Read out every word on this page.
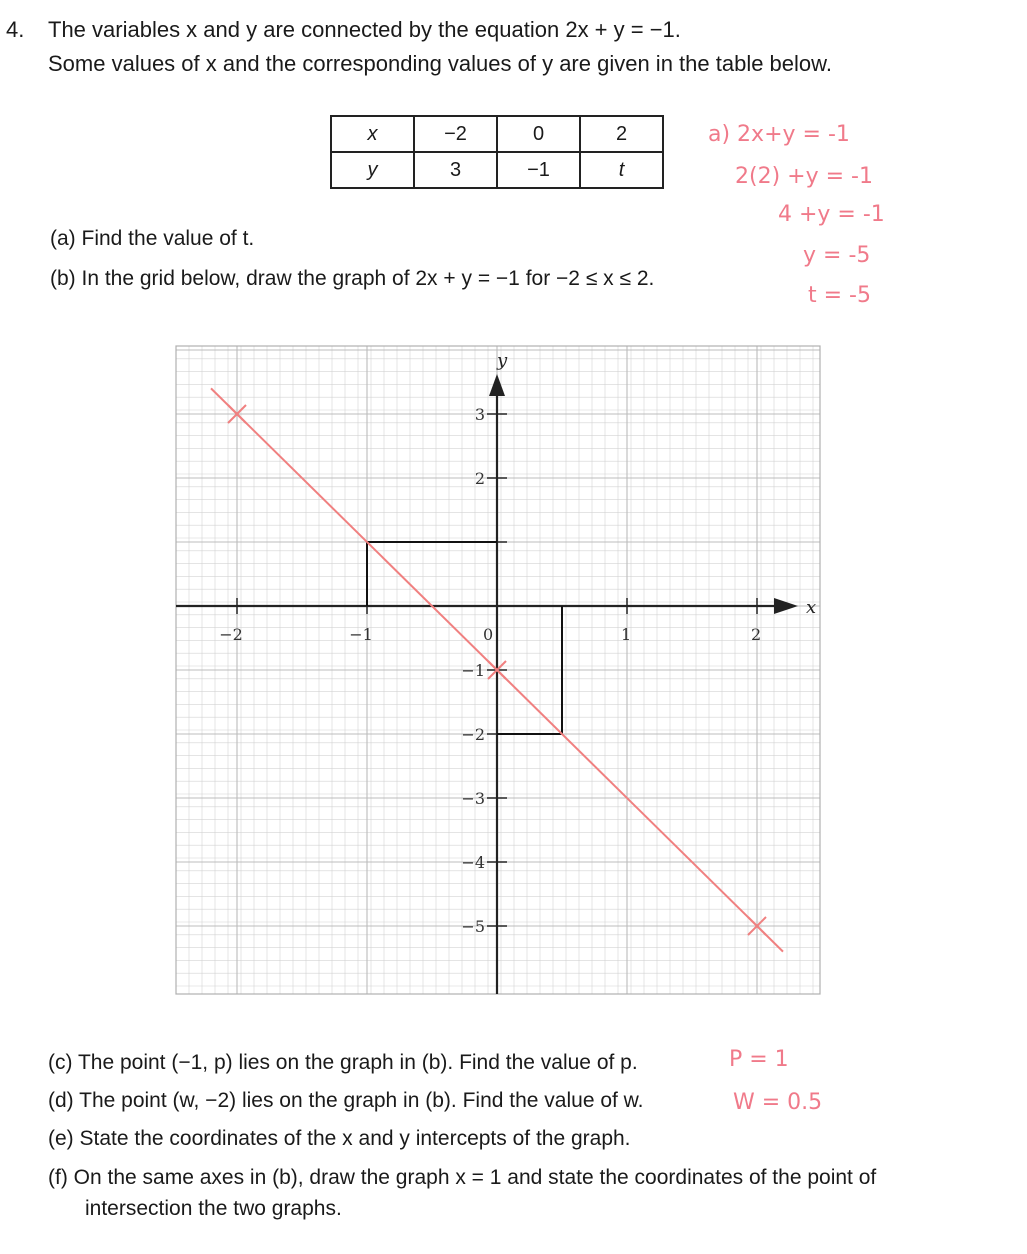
4. The variables x and y are connected by the equation 2x + y = −1.
Some values of x and the corresponding values of y are given in the table below.
x	−2	0	2
y	3	−1	t
a) 2x+y = -1
2(2) +y = -1
4 +y = -1
y = -5
t = -5
(a) Find the value of t.
(b) In the grid below, draw the graph of 2x + y = −1 for −2 ≤ x ≤ 2.
x
y
−2	−1	0	1	2
3
2
−1
−2
−3
−4
−5
(c) The point (−1, p) lies on the graph in (b). Find the value of p.	P = 1
(d) The point (w, −2) lies on the graph in (b). Find the value of w.	W = 0.5
(e) State the coordinates of the x and y intercepts of the graph.
(f) On the same axes in (b), draw the graph x = 1 and state the coordinates of the point of
intersection the two graphs.
